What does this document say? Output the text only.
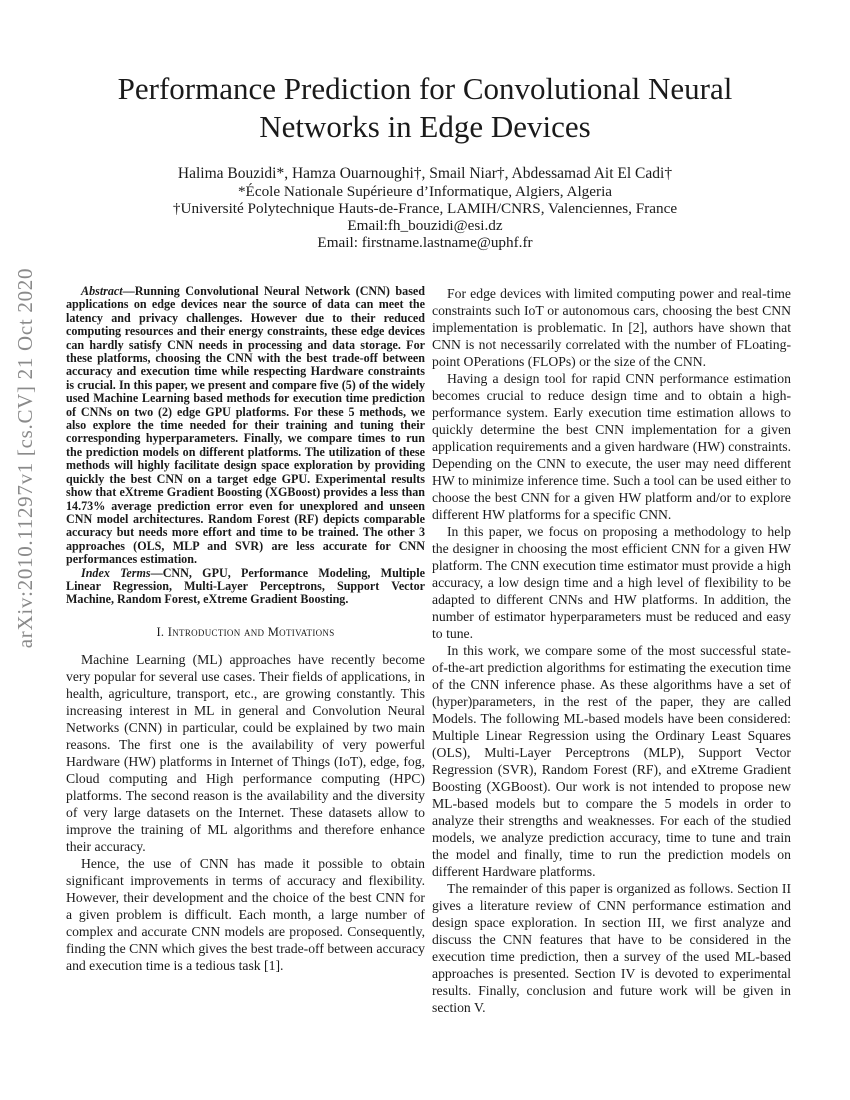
Performance Prediction for Convolutional Neural Networks in Edge Devices
Halima Bouzidi*, Hamza Ouarnoughi†, Smail Niar†, Abdessamad Ait El Cadi†
*École Nationale Supérieure d’Informatique, Algiers, Algeria
†Université Polytechnique Hauts-de-France, LAMIH/CNRS, Valenciennes, France
Email:fh_bouzidi@esi.dz
Email: firstname.lastname@uphf.fr
arXiv:2010.11297v1 [cs.CV] 21 Oct 2020	Abstract—Running Convolutional Neural Network (CNN) based applications on edge devices near the source of data can meet the latency and privacy challenges. However due to their reduced computing resources and their energy constraints, these edge devices can hardly satisfy CNN needs in processing and data storage. For these platforms, choosing the CNN with the best trade-off between accuracy and execution time while respecting Hardware constraints is crucial. In this paper, we present and compare five (5) of the widely used Machine Learning based methods for execution time prediction of CNNs on two (2) edge GPU platforms. For these 5 methods, we also explore the time needed for their training and tuning their corresponding hyperparameters. Finally, we compare times to run the prediction models on different platforms. The utilization of these methods will highly facilitate design space exploration by providing quickly the best CNN on a target edge GPU. Experimental results show that eXtreme Gradient Boosting (XGBoost) provides a less than 14.73% average prediction error even for unexplored and unseen CNN model architectures. Random Forest (RF) depicts comparable accuracy but needs more effort and time to be trained. The other 3 approaches (OLS, MLP and SVR) are less accurate for CNN performances estimation.

Index Terms—CNN, GPU, Performance Modeling, Multiple Linear Regression, Multi-Layer Perceptrons, Support Vector Machine, Random Forest, eXtreme Gradient Boosting.

I. Introduction and Motivations

Machine Learning (ML) approaches have recently become very popular for several use cases. Their fields of applications, in health, agriculture, transport, etc., are growing constantly. This increasing interest in ML in general and Convolution Neural Networks (CNN) in particular, could be explained by two main reasons. The first one is the availability of very powerful Hardware (HW) platforms in Internet of Things (IoT), edge, fog, Cloud computing and High performance computing (HPC) platforms. The second reason is the availability and the diversity of very large datasets on the Internet. These datasets allow to improve the training of ML algorithms and therefore enhance their accuracy.

Hence, the use of CNN has made it possible to obtain significant improvements in terms of accuracy and flexibility. However, their development and the choice of the best CNN for a given problem is difficult. Each month, a large number of complex and accurate CNN models are proposed. Consequently, finding the CNN which gives the best trade-off between accuracy and execution time is a tedious task [1].

For edge devices with limited computing power and real-time constraints such IoT or autonomous cars, choosing the best CNN implementation is problematic. In [2], authors have shown that CNN is not necessarily correlated with the number of FLoating-point OPerations (FLOPs) or the size of the CNN.

Having a design tool for rapid CNN performance estimation becomes crucial to reduce design time and to obtain a high-performance system. Early execution time estimation allows to quickly determine the best CNN implementation for a given application requirements and a given hardware (HW) constraints. Depending on the CNN to execute, the user may need different HW to minimize inference time. Such a tool can be used either to choose the best CNN for a given HW platform and/or to explore different HW platforms for a specific CNN.

In this paper, we focus on proposing a methodology to help the designer in choosing the most efficient CNN for a given HW platform. The CNN execution time estimator must provide a high accuracy, a low design time and a high level of flexibility to be adapted to different CNNs and HW platforms. In addition, the number of estimator hyperparameters must be reduced and easy to tune.

In this work, we compare some of the most successful state-of-the-art prediction algorithms for estimating the execution time of the CNN inference phase. As these algorithms have a set of (hyper)parameters, in the rest of the paper, they are called Models. The following ML-based models have been considered: Multiple Linear Regression using the Ordinary Least Squares (OLS), Multi-Layer Perceptrons (MLP), Support Vector Regression (SVR), Random Forest (RF), and eXtreme Gradient Boosting (XGBoost). Our work is not intended to propose new ML-based models but to compare the 5 models in order to analyze their strengths and weaknesses. For each of the studied models, we analyze prediction accuracy, time to tune and train the model and finally, time to run the prediction models on different Hardware platforms.

The remainder of this paper is organized as follows. Section II gives a literature review of CNN performance estimation and design space exploration. In section III, we first analyze and discuss the CNN features that have to be considered in the execution time prediction, then a survey of the used ML-based approaches is presented. Section IV is devoted to experimental results. Finally, conclusion and future work will be given in section V.
